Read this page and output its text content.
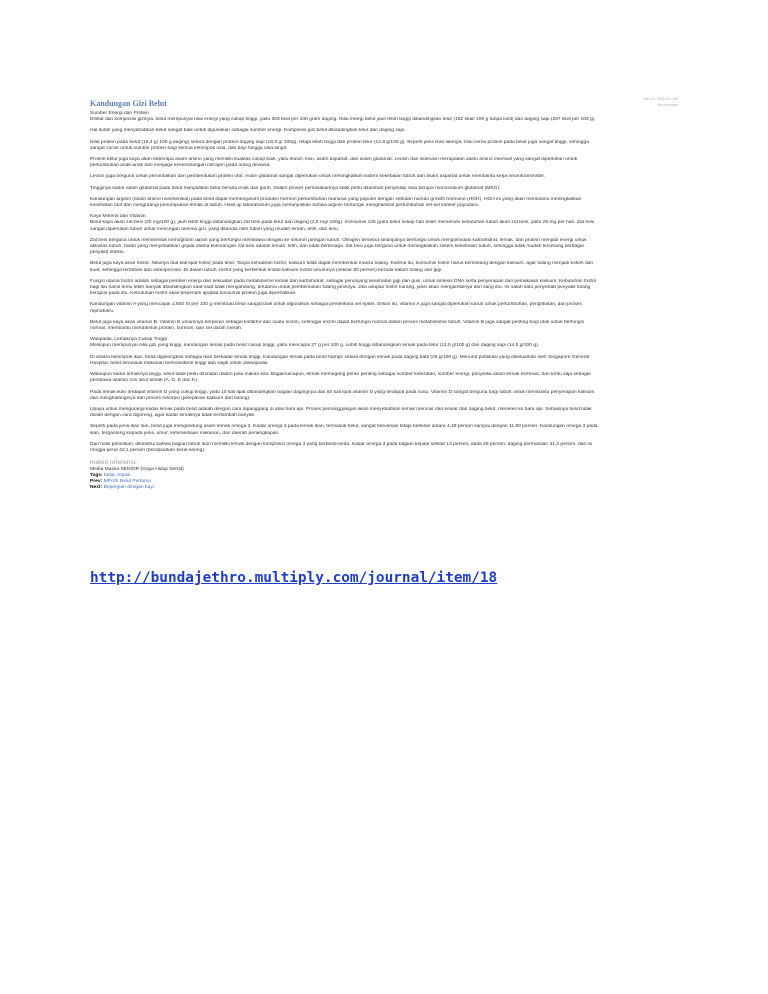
Nov 13, '08 8:30 • AM
for everyone
Kandungan Gizi Belut
Sumber Energi dan Protein
Dilihat dari komposisi gizinya, belut mempunyai nilai energi yang cukup tinggi, yaitu 303 kkal per 100 gram daging. Nilai energi belut jauh lebih tinggi dibandingkan telur (162 kkal/ 100 g tanpa kulit) dan daging sapi (207 kkal per 100 g).
Hal itulah yang menyebabkan belut sangat baik untuk digunakan sebagai sumber energi. Komposisi gizi belut dibandingkan telur dan daging sapi.
Nilai protein pada belut (18,4 g/ 100 g daging) setara dengan protein daging sapi (18,8 g/ 100g), tetapi lebih tinggi dari protein telur (12,8 g/100 g). Seperti jenis ikan lainnya, nilai cerna protein pada belut juga sangat tinggi, sehingga
sangat cocok untuk sumber protein bagi semua kelompok usia, dari bayi hingga usia lanjut.
Protein belut juga kaya akan beberapa asam amino yang memiliki kualitas cukup baik, yaitu leusin, lisin, asam aspartat, dan asam glutamat. Leusin dan isoleusin merupakan asam amino esensial yang sangat diperlukan untuk
pertumbuhan anak-anak dan menjaga keseimbangan nitrogen pada orang dewasa.
Leusin juga berguna untuk perombakan dan pembentukan protein otot. Asam glutamat sangat diperlukan untuk meningkatkan sistem kekebalan tubuh dan asam aspartat untuk membantu kerja neurotransmitter.
Tingginya kadar asam glutamat pada belut menjadikan belut berasa enak dan gurih. Dalam proses pemasakannya tidak perlu ditambah penyedap rasa berupa monosodium glutamat (MSG).
Kandungan arginin (asam amino nonesensial) pada belut dapat memengaruhi produksi hormon pertumbuhan manusia yang populer dengan sebutan human growth hormone (HGH). HGH ini yang akan membantu meningkatkan
kesehatan otot dan mengurangi penumpukan lemak di tubuh. Hasil uji laboratorium juga menunjukkan bahwa arginin berfungsi menghambat pertumbuhan sel-sel kanker payudara.
Kaya Mineral dan Vitamin
Belut kaya akan zat besi (20 mg/100 g), jauh lebih tinggi dibandingkan zat besi pada telur dan daging (2,8 mg/ 100g). Konsumsi 125 gram belut setiap hari telah memenuhi kebutuhan tubuh akan zat besi, yaitu 25 mg per hari. Zat besi
sangat diperlukan tubuh untuk mencegah anemia gizi, yang ditandai oleh tubuh yang mudah lemah, letih, dan lesu.
Zat besi berguna untuk membentuk hemoglobin darah yang berfungsi membawa oksigen ke seluruh jaringan tubuh. Oksigen tersebut selanjutnya berfungsi untuk mengoksidasi karbohidrat, lemak, dan protein menjadi energi untuk
aktivitas tubuh. Itulah yang menyebabkan gejala utama kekurangan zat besi adalah lemah, letih, dan tidak bertenaga. Zat besi juga berguna untuk meningkatkan sistem kekebalan tubuh, sehingga tidak mudah terserang berbagai
penyakit infeksi.
Belut juga kaya akan fosfor. Nilainya dua kali lipat fosfor pada telur. Tanpa kehadiran fosfor, kalsium tidak dapat membentuk massa tulang. Karena itu, konsumsi fosfor harus berimbang dengan kalsium, agar tulang menjadi kokoh dan
kuat, sehingga terbebas dari osteoporosis. Di dalam tubuh, fosfor yang berbentuk kristal kalsium fosfat umumnya (sekitar 80 persen) berada dalam tulang dan gigi.
Fungsi utama fosfor adalah sebagai pemberi energi dan kekuatan pada metabolisme lemak dan karbohidrat, sebagai penunjang kesehatan gigi dan gusi, untuk sintesis DNA serta penyerapan dan pemakaian kalsium. Kebutuhan fosfor
bagi ibu hamil tentu lebih banyak dibandingkan saat-saat tidak mengandung, terutama untuk pembentukan tulang janinnya. Jika asupan fosfor kurang, janin akan mengambilnya dari sang ibu. Ini salah satu penyebab penyakit tulang
keropos pada ibu. Kebutuhan fosfor akan terpenuhi apabila konsumsi protein juga diperhatikan.
Kandungan vitamin A yang mencapai 1.600 SI per 100 g membuat belut sangat baik untuk digunakan sebagai pemelihara sel epitel. Selain itu, vitamin A juga sangat diperlukan tubuh untuk pertumbuhan, penglihatan, dan proses
reproduksi.
Belut juga kaya akan vitamin B. Vitamin B umumnya berperan sebagai kofaktor dari suatu enzim, sehingga enzim dapat berfungsi normal dalam proses metabolisme tubuh. Vitamin B juga sangat penting bagi otak untuk berfungsi
normal, membantu membentuk protein, hormon, dan sel darah merah.
Waspadai, Lemaknya Cukup Tinggi
Meskipun mempunyai nilai gizi yang tinggi, kandungan lemak pada belut cukup tinggi, yaitu mencapai 27 g per 100 g. Lebih tinggi dibandingkan lemak pada telur (11,5 g/100 g) dan daging sapi (14,0 g/100 g).
Di antara kelompok ikan, belut digolongkan sebagai ikan berkadar lemak tinggi. Kandungan lemak pada belut hampir setara dengan lemak pada daging babi (28 g/100 g). Menurut publikasi yang dikeluarkan oleh Singapore General
Hospital, belut termasuk makanan berkolesterol tinggi dan wajib untuk diwaspadai.
Walaupun kadar lemaknya tinggi, belut tidak perlu dihindari dalam pola makan kita. Bagaimanapun, lemak memegang peran penting sebagai sumber kelezatan, sumber energi, penyedia asam lemak esensial, dan tentu saja sebagai
pembawa vitamin min larut lemak (A, D, E dan K).
Pada lemak ikan terdapat vitamin D yang cukup tinggi, yaitu 10 kali lipat dibandingkan bagian dagingnya dan 50 kali lipat vitamin D yang terdapat pada susu. Vitamin D sangat berguna bagi tubuh untuk membantu penyerapan kalsium
dan menghalanginya dari proses resorpsi (pelepasan kalsium dari tulang).
Upaya untuk mengurangi kadar lemak pada belut adalah dengan cara dipanggang di atas bara api. Proses pemanggangan akan menyebabkan lemak mencair dan keluar dari daging belut, menetes ke bara api. Sebaiknya belut tidak
diolah dengan cara digoreng, agar kadar lemaknya tidak bertambah banyak.
Seperti pada jenis ikan lain, belut juga mengandung asam lemak omega 3. Kadar omega 3 pada lemak ikan, termasuk belut, sangat bervariasi tetapi berkisar antara 4,48 persen sampai dengan 11,80 persen. Kandungan omega 3 pada
ikan, tergantung kepada jenis, umur, ketersediaan makanan, dan daerah penangkapan.
Dari hasil penelitian, diketahui bahwa bagian tubuh ikan memiliki lemak dengan komposisi omega 3 yang berbeda-beda. Kadar omega 3 pada bagian kepala sekitar 13 persen, dada 28 persen, daging permukaan 31,2 persen, dan isi
rongga perut 42,1 persen (berdasarkan berat kering).
materi referensi:
Media Massa SENIOR (Gaya Hidup Sehat)
Tags: belut, mpasi
Prev: MPASI Belut Pertama
Next: Bepergian dengan bayi
http://bundajethro.multiply.com/journal/item/18
